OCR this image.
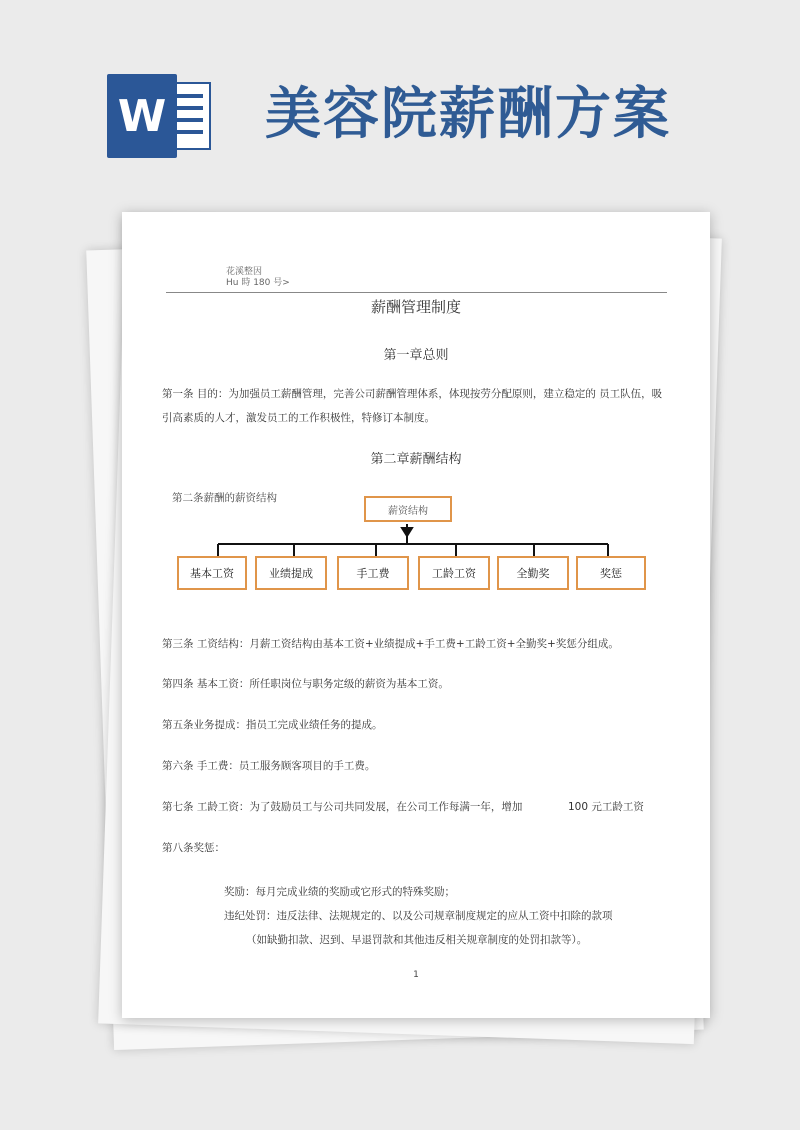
W 美容院薪酬方案
花溪整因
Hu 時 180 号>
薪酬管理制度
第一章总则
第一条 目的：为加强员工薪酬管理，完善公司薪酬管理体系，体现按劳分配原则，建立稳定的 员工队伍，吸
引高素质的人才，激发员工的工作积极性，特修订本制度。
第二章薪酬结构
第二条薪酬的薪资结构
薪资结构
基本工资	业绩提成	手工费	工龄工资	全勤奖	奖惩
第三条 工资结构：月薪工资结构由基本工资+业绩提成+手工费+工龄工资+全勤奖+奖惩分组成。
第四条 基本工资：所任职岗位与职务定级的薪资为基本工资。
第五条业务提成：指员工完成业绩任务的提成。
第六条 手工费：员工服务顾客项目的手工费。
第七条 工龄工资：为了鼓励员工与公司共同发展，在公司工作每满一年，增加	100 元工龄工资
第八条奖惩：
奖励：每月完成业绩的奖励或它形式的特殊奖励；
违纪处罚：违反法律、法规规定的、以及公司规章制度规定的应从工资中扣除的款项
（如缺勤扣款、迟到、早退罚款和其他违反相关规章制度的处罚扣款等）。
1
